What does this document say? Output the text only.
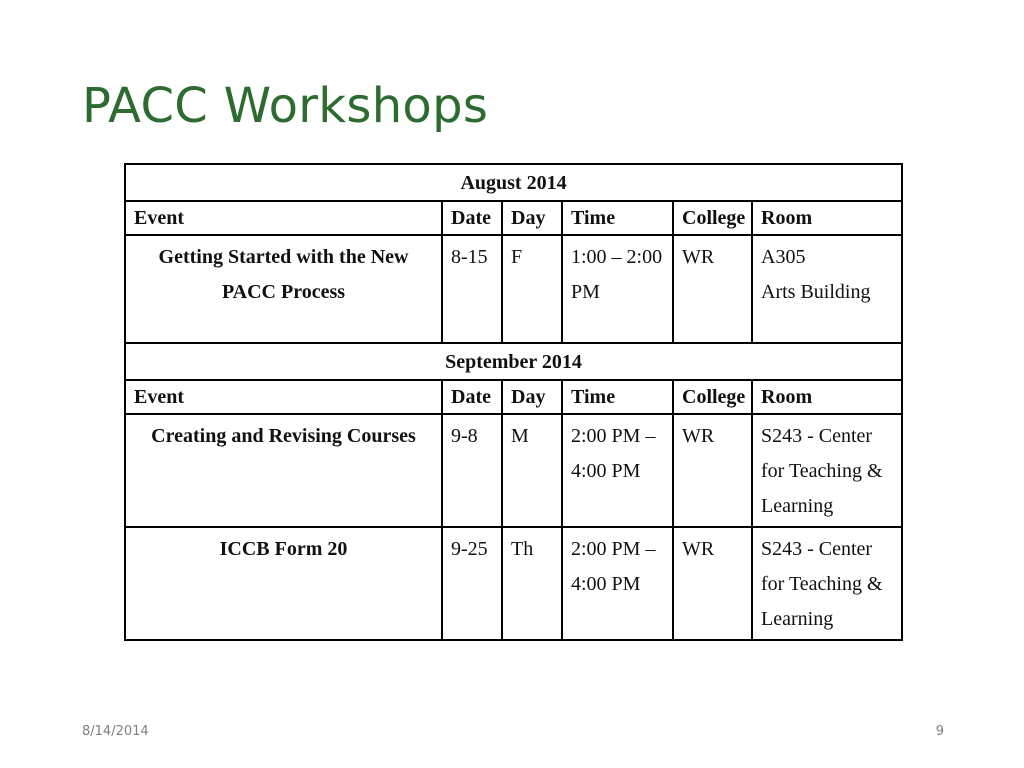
PACC Workshops
August 2014					
Event	Date	Day	Time	College	Room
Getting Started with the New PACC Process	8-15	F	1:00 – 2:00 PM	WR	A305
Arts Building

September 2014					
Event	Date	Day	Time	College	Room
Creating and Revising Courses	9-8	M	2:00 PM – 4:00 PM	WR	S243 - Center for Teaching & Learning
ICCB Form 20	9-25	Th	2:00 PM – 4:00 PM	WR	S243 - Center for Teaching & Learning
8/14/2014	9
